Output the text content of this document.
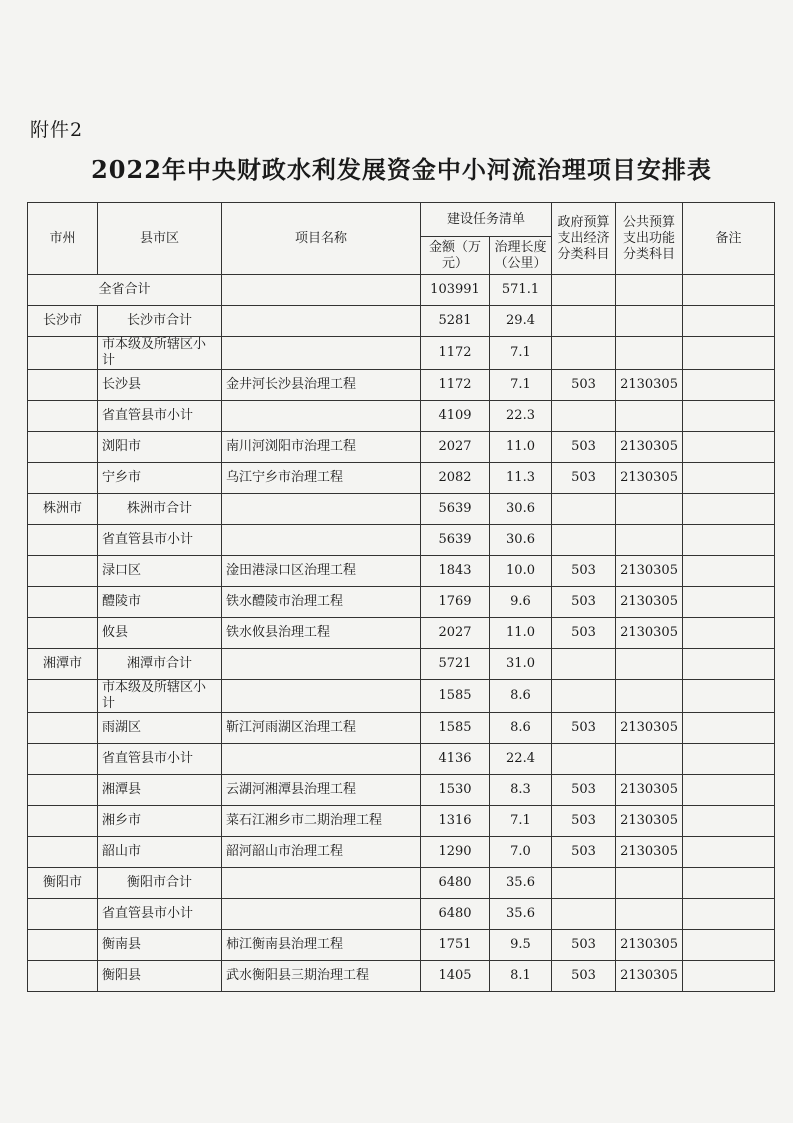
附件2
2022年中央财政水利发展资金中小河流治理项目安排表
市州	县市区	项目名称	建设任务清单		政府预算支出经济分类科目	公共预算支出功能分类科目	备注
			金额（万元）	治理长度（公里）			
全省合计			103991	571.1			
长沙市	长沙市合计		5281	29.4			
	市本级及所辖区小计		1172	7.1			
	长沙县	金井河长沙县治理工程	1172	7.1	503	2130305	
	省直管县市小计		4109	22.3			
	浏阳市	南川河浏阳市治理工程	2027	11.0	503	2130305	
	宁乡市	乌江宁乡市治理工程	2082	11.3	503	2130305	
株洲市	株洲市合计		5639	30.6			
	省直管县市小计		5639	30.6			
	渌口区	淦田港渌口区治理工程	1843	10.0	503	2130305	
	醴陵市	铁水醴陵市治理工程	1769	9.6	503	2130305	
	攸县	铁水攸县治理工程	2027	11.0	503	2130305	
湘潭市	湘潭市合计		5721	31.0			
	市本级及所辖区小计		1585	8.6			
	雨湖区	靳江河雨湖区治理工程	1585	8.6	503	2130305	
	省直管县市小计		4136	22.4			
	湘潭县	云湖河湘潭县治理工程	1530	8.3	503	2130305	
	湘乡市	菜石江湘乡市二期治理工程	1316	7.1	503	2130305	
	韶山市	韶河韶山市治理工程	1290	7.0	503	2130305	
衡阳市	衡阳市合计		6480	35.6			
	省直管县市小计		6480	35.6			
	衡南县	柿江衡南县治理工程	1751	9.5	503	2130305	
	衡阳县	武水衡阳县三期治理工程	1405	8.1	503	2130305	
